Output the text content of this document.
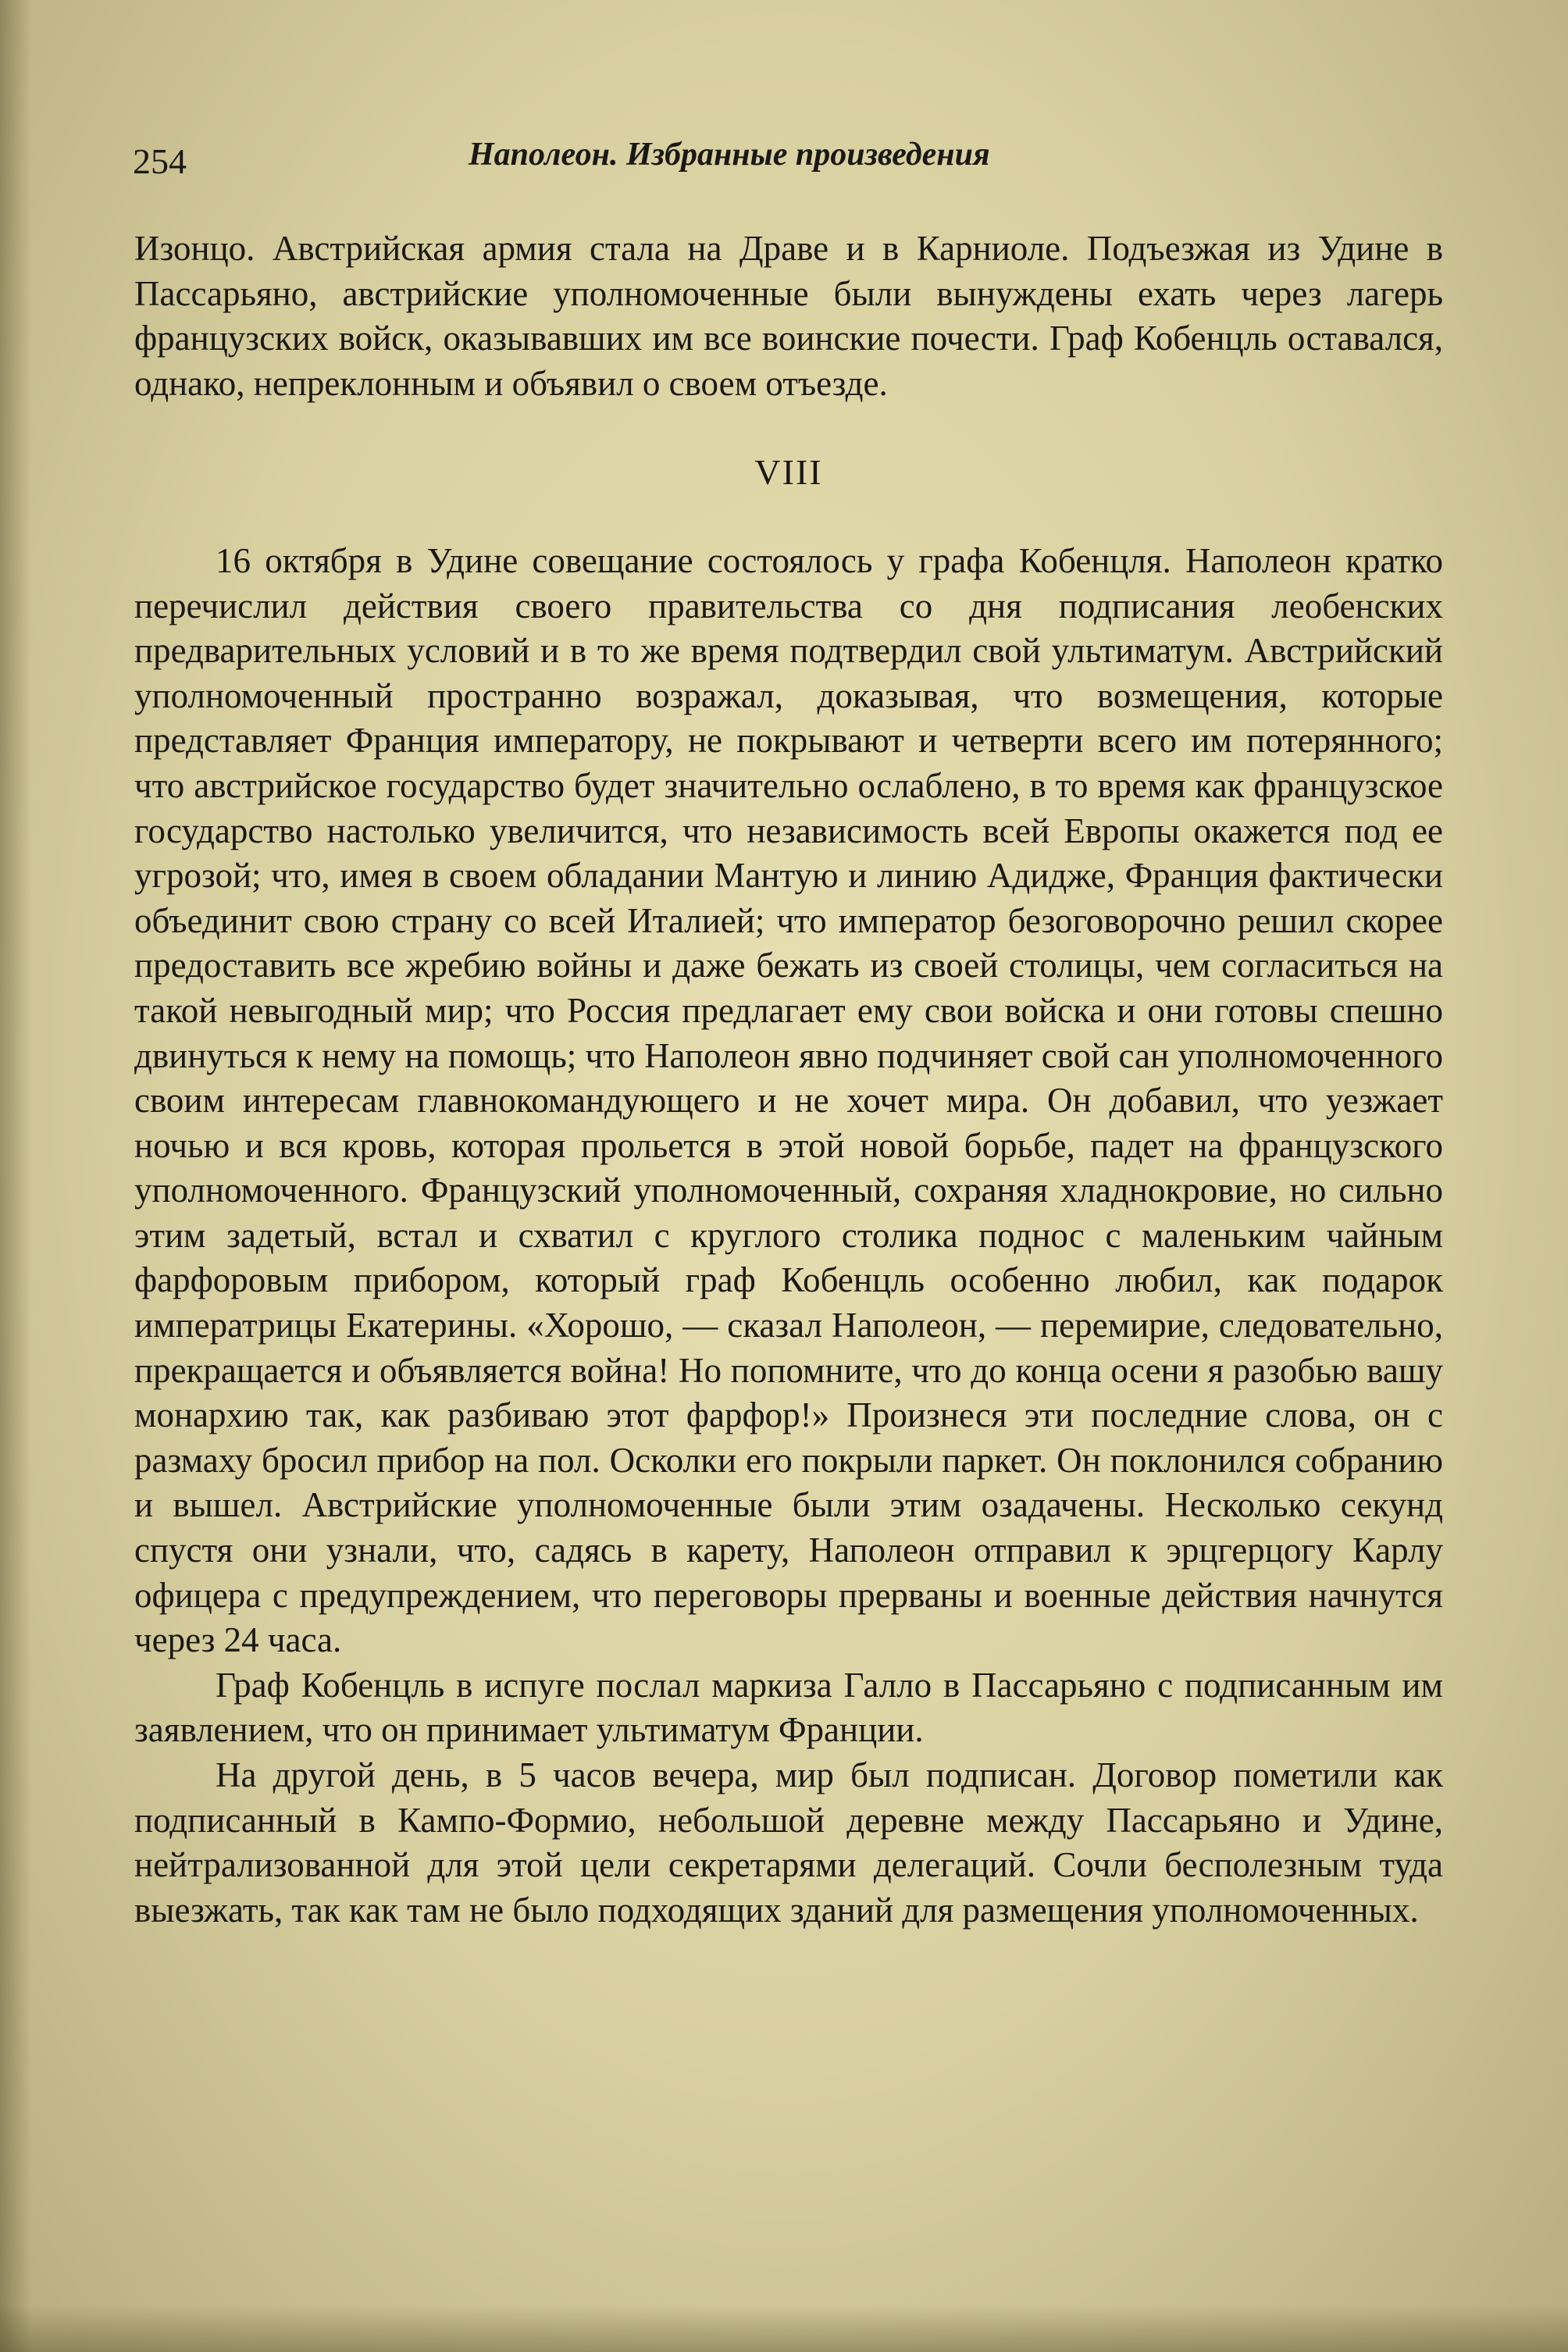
254	Наполеон. Избранные произведения

Изонцо. Австрийская армия стала на Драве и в Карниоле. Подъезжая из Удине в Пассарьяно, австрийские уполномоченные были вынуждены ехать через лагерь французских войск, оказывавших им все воинские почести. Граф Кобенцль оставался, однако, непреклонным и объявил о своем отъезде.

VIII

16 октября в Удине совещание состоялось у графа Кобенцля. Наполеон кратко перечислил действия своего правительства со дня подписания леобенских предварительных условий и в то же время подтвердил свой ультиматум. Австрийский уполномоченный пространно возражал, доказывая, что возмещения, которые представляет Франция императору, не покрывают и четверти всего им потерянного; что австрийское государство будет значительно ослаблено, в то время как французское государство настолько увеличится, что независимость всей Европы окажется под ее угрозой; что, имея в своем обладании Мантую и линию Адидже, Франция фактически объединит свою страну со всей Италией; что император безоговорочно решил скорее предоставить все жребию войны и даже бежать из своей столицы, чем согласиться на такой невыгодный мир; что Россия предлагает ему свои войска и они готовы спешно двинуться к нему на помощь; что Наполеон явно подчиняет свой сан уполномоченного своим интересам главнокомандующего и не хочет мира. Он добавил, что уезжает ночью и вся кровь, которая прольется в этой новой борьбе, падет на французского уполномоченного. Французский уполномоченный, сохраняя хладнокровие, но сильно этим задетый, встал и схватил с круглого столика поднос с маленьким чайным фарфоровым прибором, который граф Кобенцль особенно любил, как подарок императрицы Екатерины. «Хорошо, — сказал Наполеон, — перемирие, следовательно, прекращается и объявляется война! Но попомните, что до конца осени я разобью вашу монархию так, как разбиваю этот фарфор!» Произнеся эти последние слова, он с размаху бросил прибор на пол. Осколки его покрыли паркет. Он поклонился собранию и вышел. Австрийские уполномоченные были этим озадачены. Несколько секунд спустя они узнали, что, садясь в карету, Наполеон отправил к эрцгерцогу Карлу офицера с предупреждением, что переговоры прерваны и военные действия начнутся через 24 часа.

Граф Кобенцль в испуге послал маркиза Галло в Пассарьяно с подписанным им заявлением, что он принимает ультиматум Франции.

На другой день, в 5 часов вечера, мир был подписан. Договор пометили как подписанный в Кампо-Формио, небольшой деревне между Пассарьяно и Удине, нейтрализованной для этой цели секретарями делегаций. Сочли бесполезным туда выезжать, так как там не было подходящих зданий для размещения уполномоченных.
